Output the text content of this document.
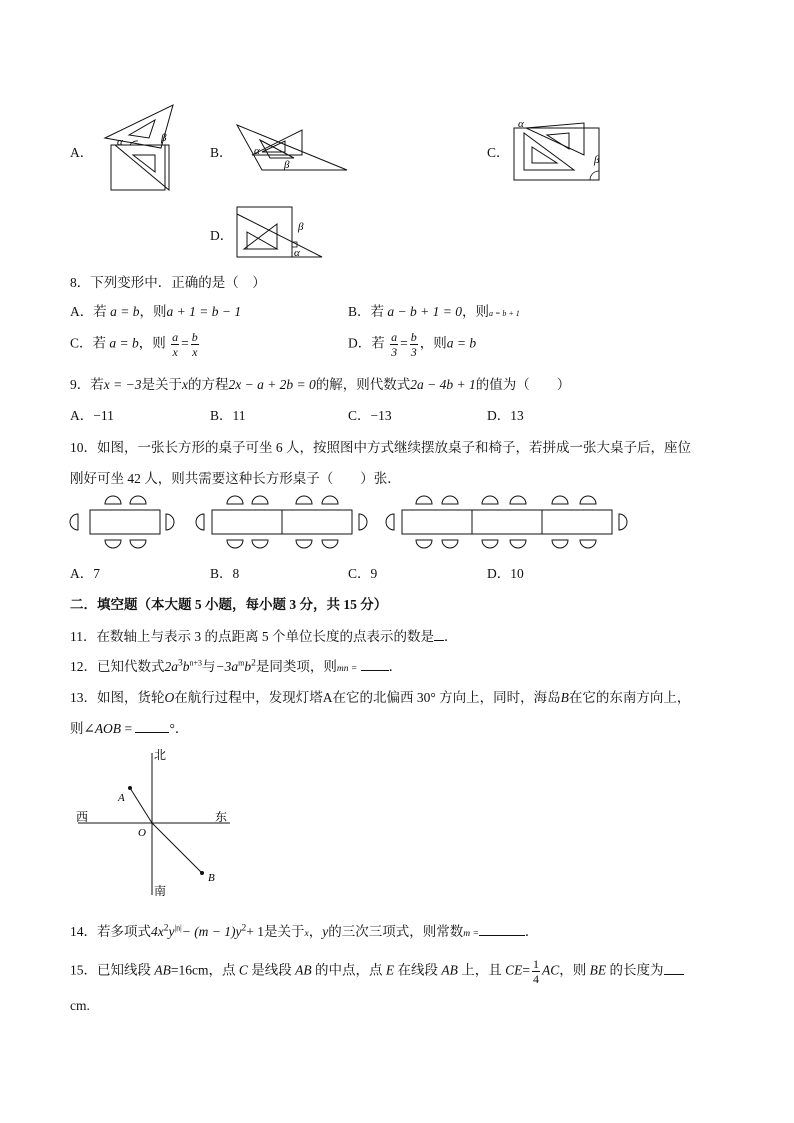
A．
α	β
B． α
β
C．
α
β
D．
α
β
8．下列变形中．正确的是（　）
A．若 a = b，则a + 1 = b − 1	B．若 a − b + 1 = 0，则a = b + 1
C．若 a = b，则 $\frac{a}{x} = \frac{b}{x}$	D．若 $\frac{a}{3} = \frac{b}{3}$ ，则a = b
9．若x = −3是关于x的方程2x − a + 2b = 0的解，则代数式2a − 4b + 1的值为（　　）
A．−11	B．11	C．−13	D．13
10．如图，一张长方形的桌子可坐 6 人，按照图中方式继续摆放桌子和椅子，若拼成一张大桌子后，座位
刚好可坐 42 人，则共需要这种长方形桌子（　　）张．
A．7	B．8	C．9	D．10
二．填空题（本大题 5 小题，每小题 3 分，共 15 分）
11．在数轴上与表示 3 的点距离 5 个单位长度的点表示的数是 ．
12．已知代数式$2a^3b^{n+3}$与$-3a^mb^2$是同类项，则mn = ．
13．如图，货轮O在航行过程中，发现灯塔A在它的北偏西 30° 方向上，同时，海岛B在它的东南方向上，
则∠AOB =	°．
北
南
西	东
O
A
B
14．若多项式$4x^2y^{|n|}- (m - 1)y^2+ 1$是关于x，y的三次三项式，则常数m =	．
15．已知线段 AB=16cm，点 C 是线段 AB 的中点，点 E 在线段 AB 上，且 $CE= \frac{1}{4}$ AC，则 BE 的长度为
cm.
